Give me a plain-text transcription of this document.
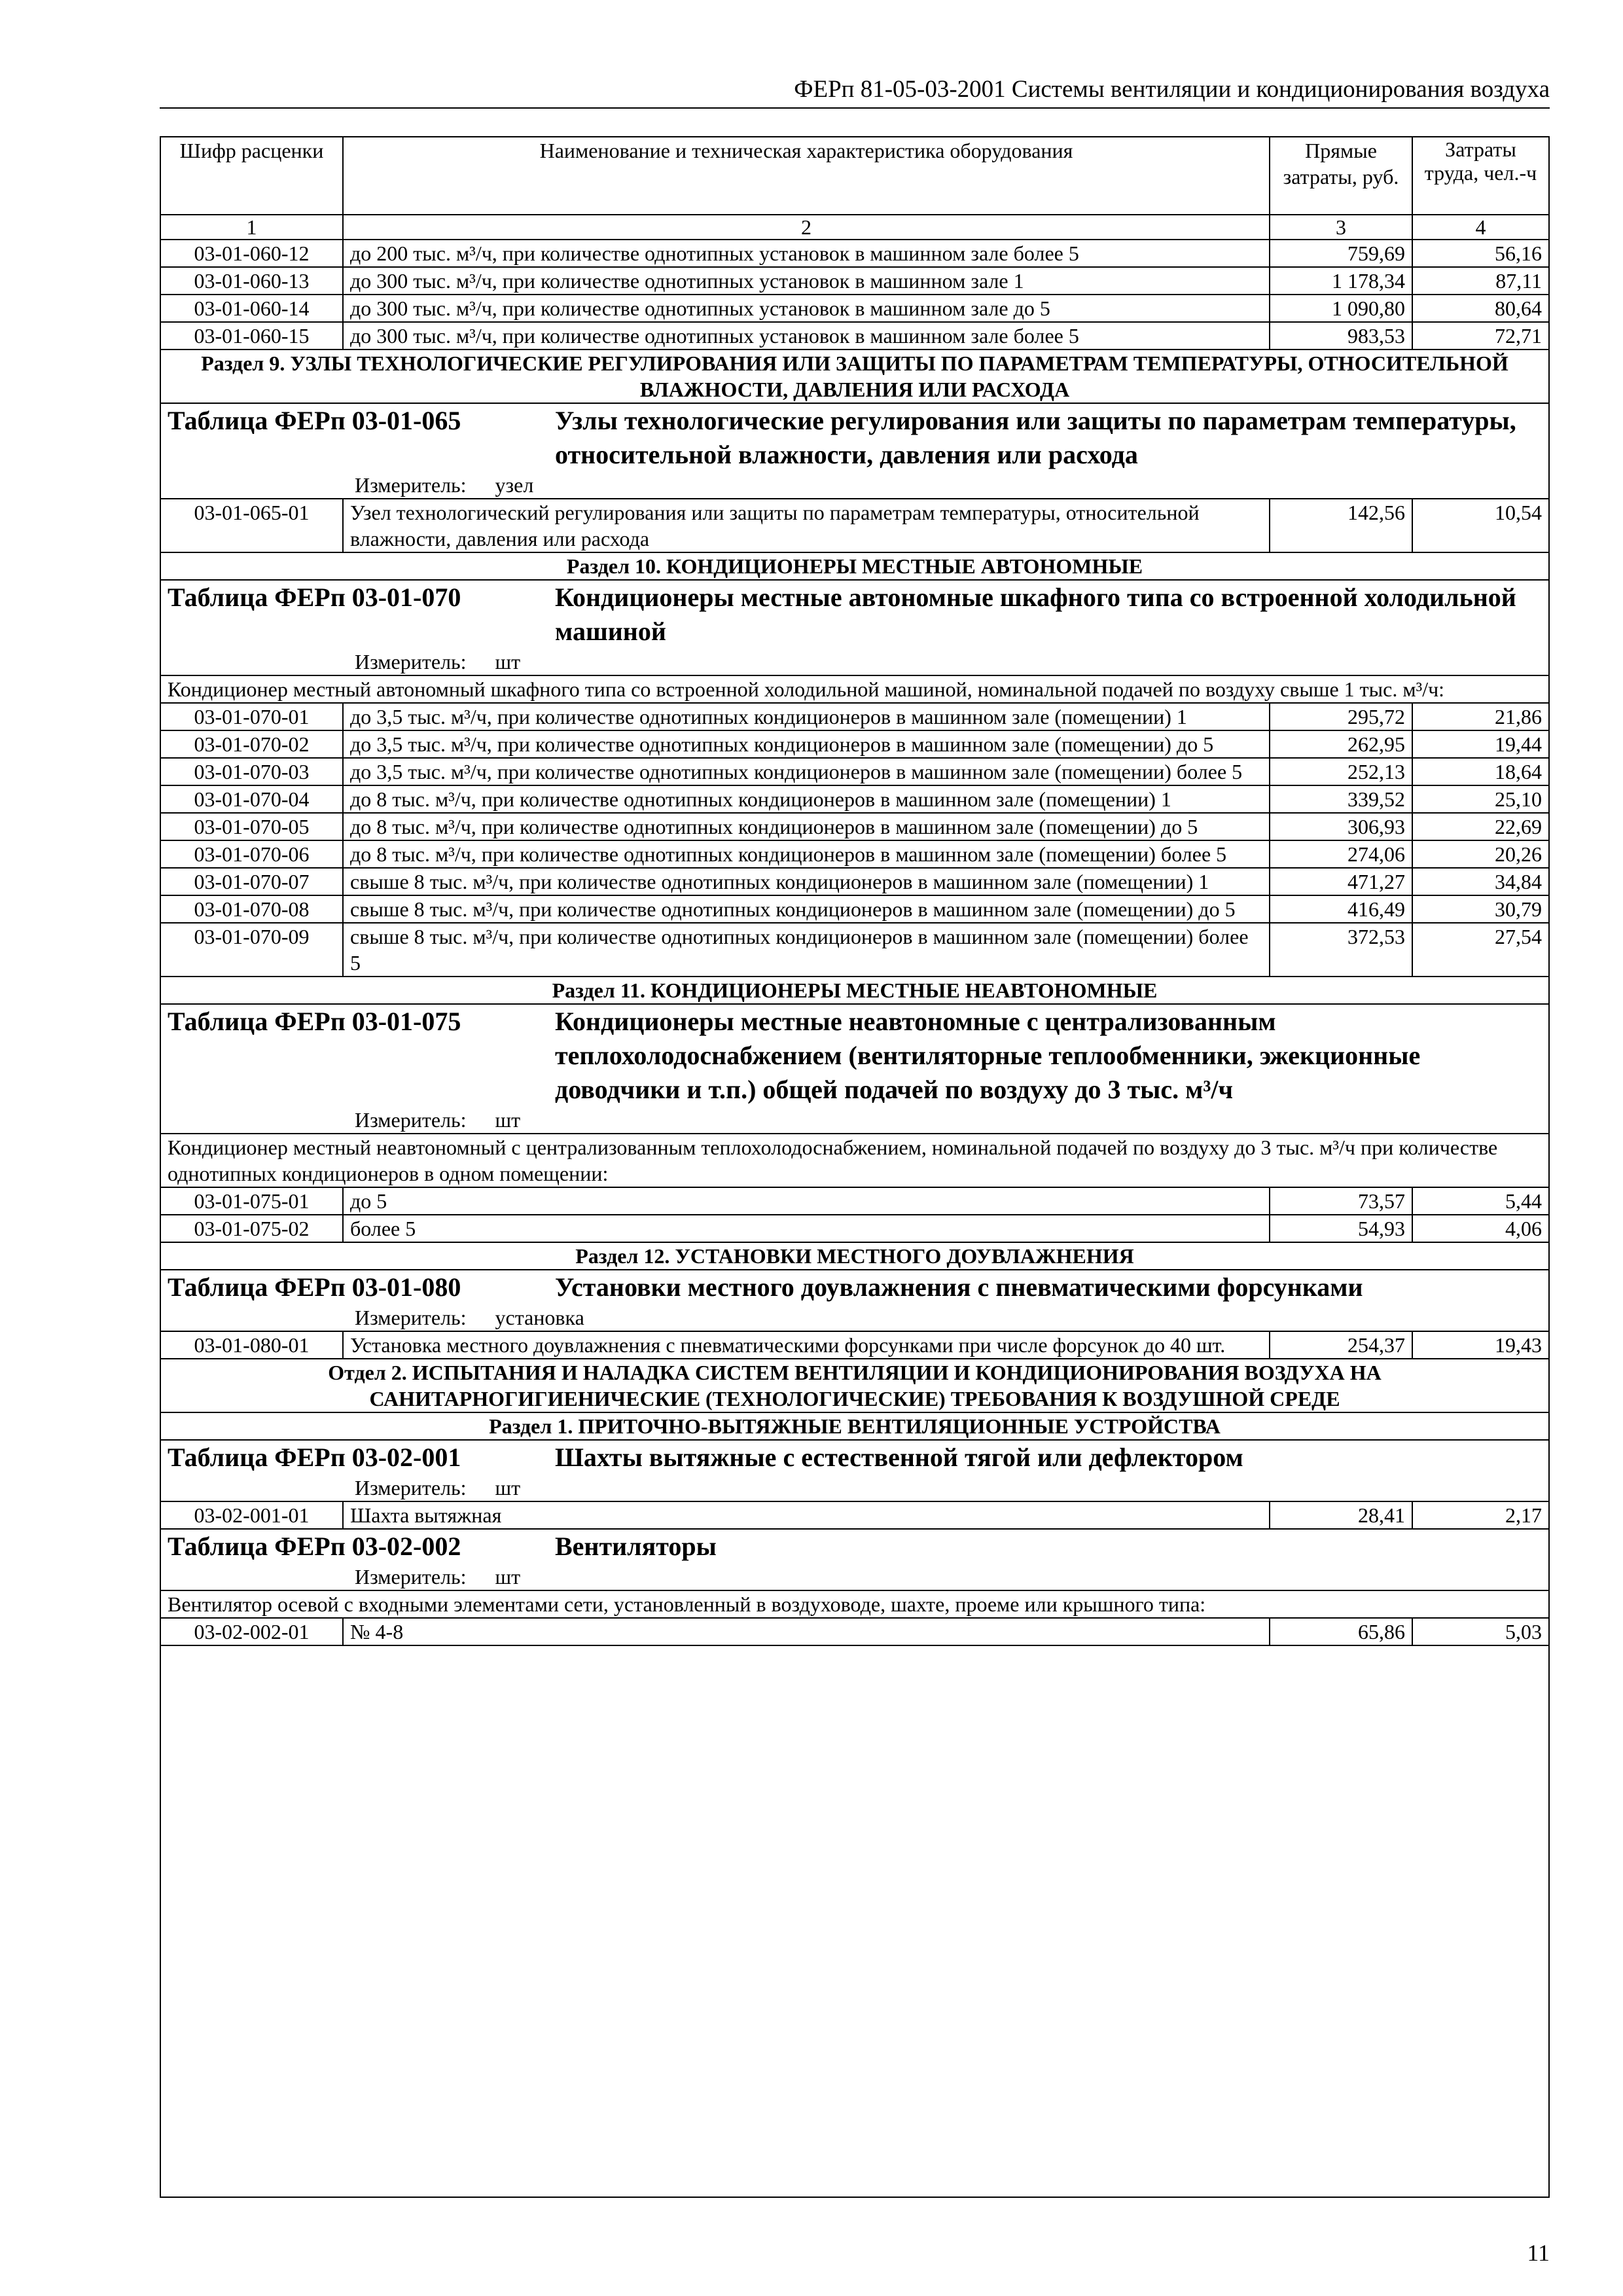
ФЕРп 81-05-03-2001 Системы вентиляции и кондиционирования воздуха
Шифр расценки	Наименование и техническая характеристика оборудования	Прямые затраты, руб.	Затраты труда, чел.-ч
1	2	3	4
03-01-060-12	до 200 тыс. м³/ч, при количестве однотипных установок в машинном зале более 5	759,69	56,16
03-01-060-13	до 300 тыс. м³/ч, при количестве однотипных установок в машинном зале 1	1 178,34	87,11
03-01-060-14	до 300 тыс. м³/ч, при количестве однотипных установок в машинном зале до 5	1 090,80	80,64
03-01-060-15	до 300 тыс. м³/ч, при количестве однотипных установок в машинном зале более 5	983,53	72,71
Раздел 9. УЗЛЫ ТЕХНОЛОГИЧЕСКИЕ РЕГУЛИРОВАНИЯ ИЛИ ЗАЩИТЫ ПО ПАРАМЕТРАМ ТЕМПЕРАТУРЫ, ОТНОСИТЕЛЬНОЙ ВЛАЖНОСТИ, ДАВЛЕНИЯ ИЛИ РАСХОДА			

Таблица ФЕРп 03-01-065 Узлы технологические регулирования или защиты по параметрам температуры, относительной влажности, давления или расхода
Измеритель: узел			

03-01-065-01	Узел технологический регулирования или защиты по параметрам температуры, относительной влажности, давления или расхода	142,56	10,54
Раздел 10. КОНДИЦИОНЕРЫ МЕСТНЫЕ АВТОНОМНЫЕ			

Таблица ФЕРп 03-01-070 Кондиционеры местные автономные шкафного типа со встроенной холодильной машиной
Измеритель: шт			

Кондиционер местный автономный шкафного типа со встроенной холодильной машиной, номинальной подачей по воздуху свыше 1 тыс. м³/ч:			
03-01-070-01	до 3,5 тыс. м³/ч, при количестве однотипных кондиционеров в машинном зале (помещении) 1	295,72	21,86
03-01-070-02	до 3,5 тыс. м³/ч, при количестве однотипных кондиционеров в машинном зале (помещении) до 5	262,95	19,44
03-01-070-03	до 3,5 тыс. м³/ч, при количестве однотипных кондиционеров в машинном зале (помещении) более 5	252,13	18,64
03-01-070-04	до 8 тыс. м³/ч, при количестве однотипных кондиционеров в машинном зале (помещении) 1	339,52	25,10
03-01-070-05	до 8 тыс. м³/ч, при количестве однотипных кондиционеров в машинном зале (помещении) до 5	306,93	22,69
03-01-070-06	до 8 тыс. м³/ч, при количестве однотипных кондиционеров в машинном зале (помещении) более 5	274,06	20,26
03-01-070-07	свыше 8 тыс. м³/ч, при количестве однотипных кондиционеров в машинном зале (помещении) 1	471,27	34,84
03-01-070-08	свыше 8 тыс. м³/ч, при количестве однотипных кондиционеров в машинном зале (помещении) до 5	416,49	30,79
03-01-070-09	свыше 8 тыс. м³/ч, при количестве однотипных кондиционеров в машинном зале (помещении) более 5	372,53	27,54
Раздел 11. КОНДИЦИОНЕРЫ МЕСТНЫЕ НЕАВТОНОМНЫЕ			

Таблица ФЕРп 03-01-075 Кондиционеры местные неавтономные с централизованным теплохолодоснабжением (вентиляторные теплообменники, эжекционные доводчики и т.п.) общей подачей по воздуху до 3 тыс. м³/ч
Измеритель: шт			

Кондиционер местный неавтономный с централизованным теплохолодоснабжением, номинальной подачей по воздуху до 3 тыс. м³/ч при количестве однотипных кондиционеров в одном помещении:			
03-01-075-01	до 5	73,57	5,44
03-01-075-02	более 5	54,93	4,06
Раздел 12. УСТАНОВКИ МЕСТНОГО ДОУВЛАЖНЕНИЯ			

Таблица ФЕРп 03-01-080 Установки местного доувлажнения с пневматическими форсунками
Измеритель: установка			

03-01-080-01	Установка местного доувлажнения с пневматическими форсунками при числе форсунок до 40 шт.	254,37	19,43
Отдел 2. ИСПЫТАНИЯ И НАЛАДКА СИСТЕМ ВЕНТИЛЯЦИИ И КОНДИЦИОНИРОВАНИЯ ВОЗДУХА НА САНИТАРНОГИГИЕНИЧЕСКИЕ (ТЕХНОЛОГИЧЕСКИЕ) ТРЕБОВАНИЯ К ВОЗДУШНОЙ СРЕДЕ			
Раздел 1. ПРИТОЧНО-ВЫТЯЖНЫЕ ВЕНТИЛЯЦИОННЫЕ УСТРОЙСТВА			

Таблица ФЕРп 03-02-001 Шахты вытяжные с естественной тягой или дефлектором
Измеритель: шт			

03-02-001-01	Шахта вытяжная	28,41	2,17

Таблица ФЕРп 03-02-002 Вентиляторы
Измеритель: шт			

Вентилятор осевой с входными элементами сети, установленный в воздуховоде, шахте, проеме или крышного типа:			
03-02-002-01	№ 4-8	65,86	5,03
11
